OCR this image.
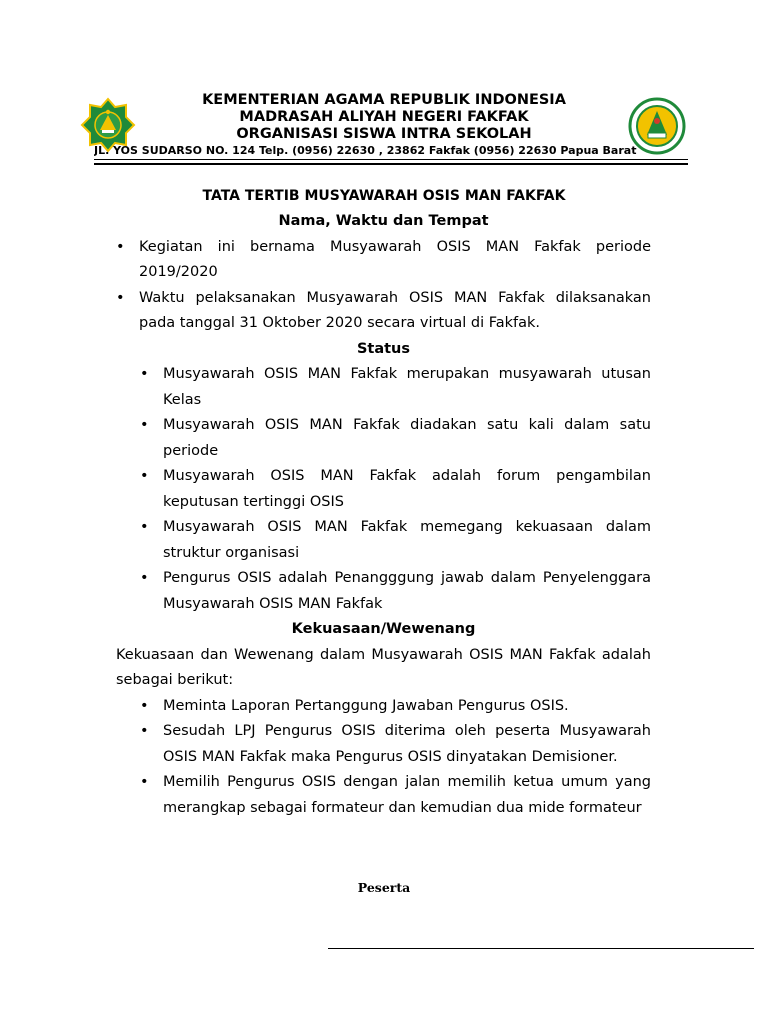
KEMENTERIAN AGAMA REPUBLIK INDONESIA
MADRASAH ALIYAH NEGERI FAKFAK
ORGANISASI SISWA INTRA SEKOLAH
JL. YOS SUDARSO NO. 124 Telp. (0956) 22630 , 23862 Fakfak (0956) 22630 Papua Barat
TATA TERTIB MUSYAWARAH OSIS MAN FAKFAK
Nama, Waktu dan Tempat
• Kegiatan ini bernama Musyawarah OSIS MAN Fakfak periode 2019/2020
• Waktu pelaksanakan Musyawarah OSIS MAN Fakfak dilaksanakan pada tanggal 31 Oktober 2020 secara virtual di Fakfak.
Status
• Musyawarah OSIS MAN Fakfak merupakan musyawarah utusan Kelas
• Musyawarah OSIS MAN Fakfak diadakan satu kali dalam satu periode
• Musyawarah OSIS MAN Fakfak adalah forum pengambilan keputusan tertinggi OSIS
• Musyawarah OSIS MAN Fakfak memegang kekuasaan dalam struktur organisasi
• Pengurus OSIS adalah Penangggung jawab dalam Penyelenggara Musyawarah OSIS MAN Fakfak
Kekuasaan/Wewenang
Kekuasaan dan Wewenang dalam Musyawarah OSIS MAN Fakfak adalah sebagai berikut:
• Meminta Laporan Pertanggung Jawaban Pengurus OSIS.
• Sesudah LPJ Pengurus OSIS diterima oleh peserta Musyawarah OSIS MAN Fakfak maka Pengurus OSIS dinyatakan Demisioner.
• Memilih Pengurus OSIS dengan jalan memilih ketua umum yang merangkap sebagai formateur dan kemudian dua mide formateur
Peserta
